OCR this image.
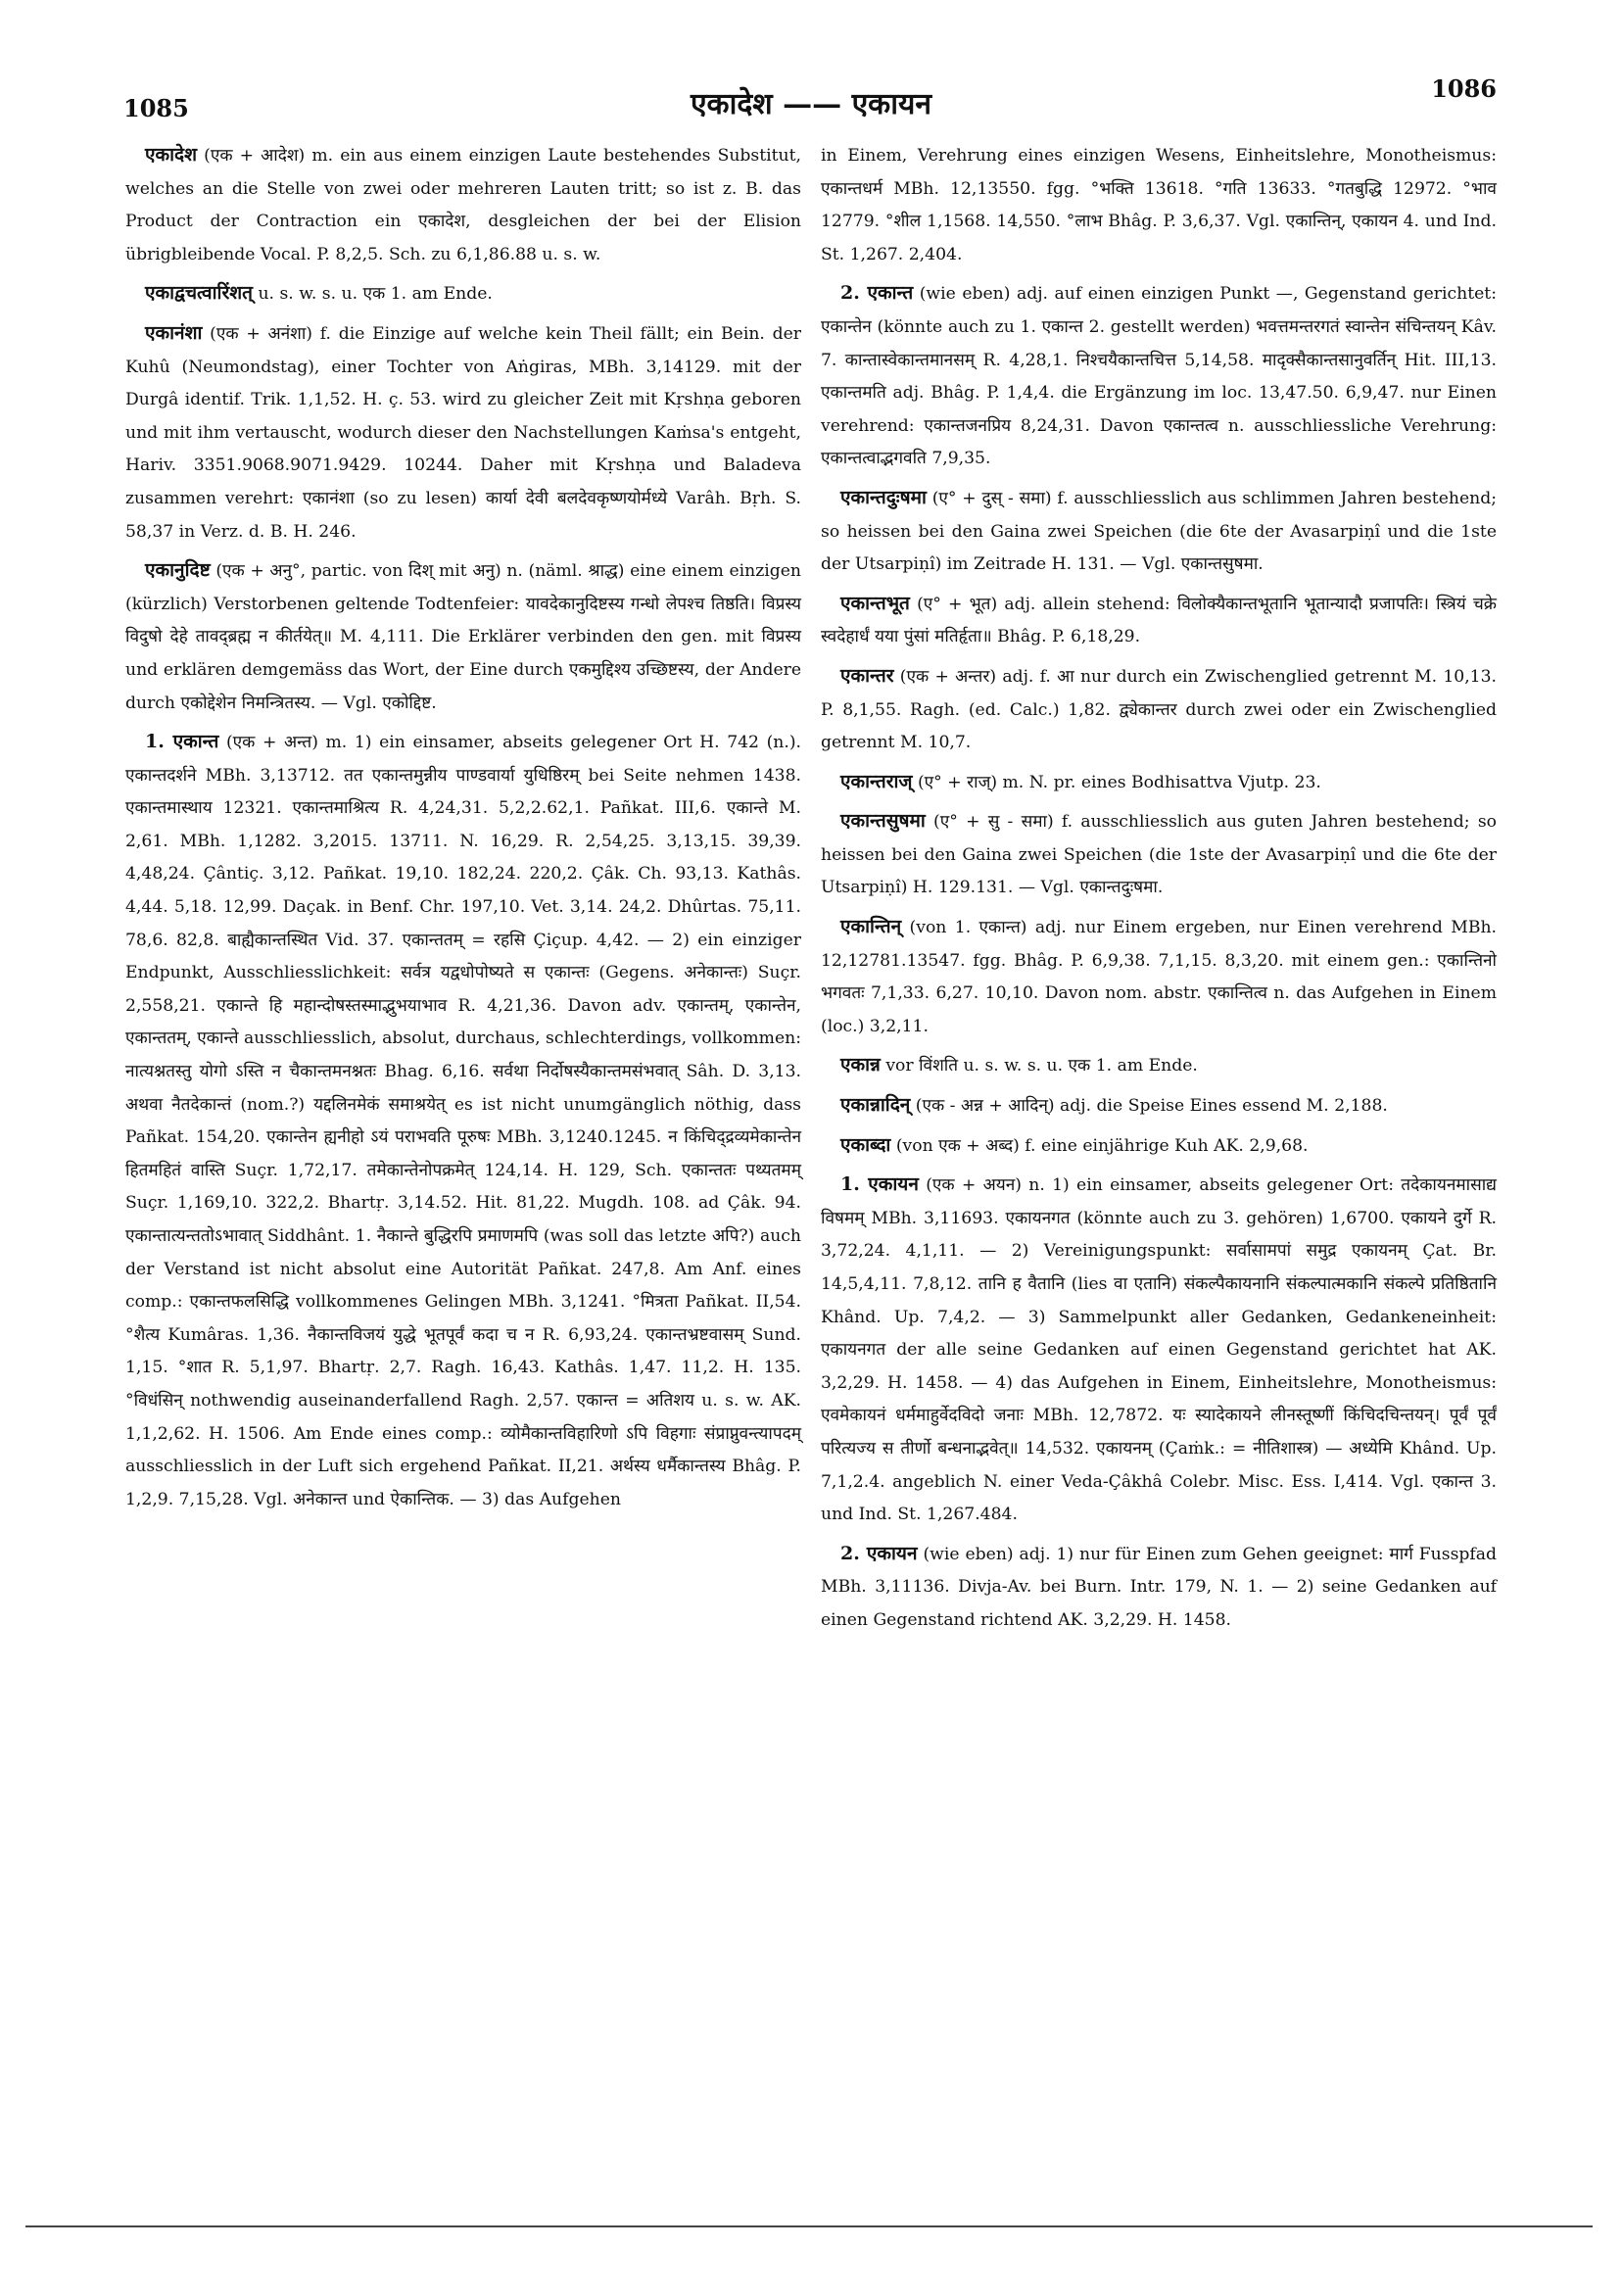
1085	एकादेश —— एकायन	1086

एकादेश (एक + आदेश) m. ein aus einem einzigen Laute bestehendes Substitut, welches an die Stelle von zwei oder mehreren Lauten tritt; so ist z. B. das Product der Contraction ein एकादेश, desgleichen der bei der Elision übrigbleibende Vocal. P. 8,2,5. Sch. zu 6,1,86.88 u. s. w.

एकाद्वचत्वारिंशत् u. s. w. s. u. एक 1. am Ende.

एकानंशा (एक + अनंशा) f. die Einzige auf welche kein Theil fällt; ein Bein. der Kuhû (Neumondstag), einer Tochter von Aṅgiras, MBh. 3,14129. mit der Durgâ identif. Trik. 1,1,52. H. ç. 53. wird zu gleicher Zeit mit Kṛshṇa geboren und mit ihm vertauscht, wodurch dieser den Nachstellungen Kaṁsa's entgeht, Hariv. 3351.9068.9071.9429. 10244. Daher mit Kṛshṇa und Baladeva zusammen verehrt: एकानंशा (so zu lesen) कार्या देवी बलदेवकृष्णयोर्मध्ये Varâh. Bṛh. S. 58,37 in Verz. d. B. H. 246.

एकानुदिष्ट (एक + अनु°, partic. von दिश् mit अनु) n. (näml. श्राद्ध) eine einem einzigen (kürzlich) Verstorbenen geltende Todtenfeier: यावदेकानुदिष्टस्य गन्धो लेपश्च तिष्ठति। विप्रस्य विदुषो देहे तावद्ब्रह्म न कीर्तयेत्॥ M. 4,111. Die Erklärer verbinden den gen. mit विप्रस्य und erklären demgemäss das Wort, der Eine durch एकमुद्दिश्य उच्छिष्टस्य, der Andere durch एकोद्देशेन निमन्त्रितस्य. — Vgl. एकोद्दिष्ट.

1. एकान्त (एक + अन्त) m. 1) ein einsamer, abseits gelegener Ort H. 742 (n.). एकान्तदर्शने MBh. 3,13712. तत एकान्तमुन्नीय पाण्डवार्या युधिष्ठिरम् bei Seite nehmen 1438. एकान्तमास्थाय 12321. एकान्तमाश्रित्य R. 4,24,31. 5,2,2.62,1. Pañkat. III,6. एकान्ते M. 2,61. MBh. 1,1282. 3,2015. 13711. N. 16,29. R. 2,54,25. 3,13,15. 39,39. 4,48,24. Çântiç. 3,12. Pañkat. 19,10. 182,24. 220,2. Çâk. Ch. 93,13. Kathâs. 4,44. 5,18. 12,99. Daçak. in Benf. Chr. 197,10. Vet. 3,14. 24,2. Dhûrtas. 75,11. 78,6. 82,8. बाह्यैकान्तस्थित Vid. 37. एकान्ततम् = रहसि Çiçup. 4,42. — 2) ein einziger Endpunkt, Ausschliesslichkeit: सर्वत्र यद्वधोपोष्यते स एकान्तः (Gegens. अनेकान्तः) Suçr. 2,558,21. एकान्ते हि महान्दोषस्तस्माद्भुभयाभाव R. 4,21,36. Davon adv. एकान्तम्, एकान्तेन, एकान्ततम्, एकान्ते ausschliesslich, absolut, durchaus, schlechterdings, vollkommen: नात्यश्नतस्तु योगो ऽस्ति न चैकान्तमनश्नतः Bhag. 6,16. सर्वथा निर्दोषस्यैकान्तमसंभवात् Sâh. D. 3,13. अथवा नैतदेकान्तं (nom.?) यद्दलिनमेकं समाश्रयेत् es ist nicht unumgänglich nöthig, dass Pañkat. 154,20. एकान्तेन ह्यनीहो ऽयं पराभवति पूरुषः MBh. 3,1240.1245. न किंचिद्द्रव्यमेकान्तेन हितमहितं वास्ति Suçr. 1,72,17. तमेकान्तेनोपक्रमेत् 124,14. H. 129, Sch. एकान्ततः पथ्यतमम् Suçr. 1,169,10. 322,2. Bhartṛ. 3,14.52. Hit. 81,22. Mugdh. 108. ad Çâk. 94. एकान्तात्यन्ततोऽभावात् Siddhânt. 1. नैकान्ते बुद्धिरपि प्रमाणमपि (was soll das letzte अपि?) auch der Verstand ist nicht absolut eine Autorität Pañkat. 247,8. Am Anf. eines comp.: एकान्तफलसिद्धि vollkommenes Gelingen MBh. 3,1241. °मित्रता Pañkat. II,54. °शैत्य Kumâras. 1,36. नैकान्तविजयं युद्धे भूतपूर्वं कदा च न R. 6,93,24. एकान्तभ्रष्टवासम् Sund. 1,15. °शात R. 5,1,97. Bhartṛ. 2,7. Ragh. 16,43. Kathâs. 1,47. 11,2. H. 135. °विधंसिन् nothwendig auseinanderfallend Ragh. 2,57. एकान्त = अतिशय u. s. w. AK. 1,1,2,62. H. 1506. Am Ende eines comp.: व्योमैकान्तविहारिणो ऽपि विहगाः संप्राप्नुवन्त्यापदम् ausschliesslich in der Luft sich ergehend Pañkat. II,21. अर्थस्य धर्मैकान्तस्य Bhâg. P. 1,2,9. 7,15,28. Vgl. अनेकान्त und ऐकान्तिक. — 3) das Aufgehen

in Einem, Verehrung eines einzigen Wesens, Einheitslehre, Monotheismus: एकान्तधर्म MBh. 12,13550. fgg. °भक्ति 13618. °गति 13633. °गतबुद्धि 12972. °भाव 12779. °शील 1,1568. 14,550. °लाभ Bhâg. P. 3,6,37. Vgl. एकान्तिन्, एकायन 4. und Ind. St. 1,267. 2,404.

2. एकान्त (wie eben) adj. auf einen einzigen Punkt —, Gegenstand gerichtet: एकान्तेन (könnte auch zu 1. एकान्त 2. gestellt werden) भवत्तमन्तरगतं स्वान्तेन संचिन्तयन् Kâv. 7. कान्तास्वेकान्तमानसम् R. 4,28,1. निश्चयैकान्तचित्त 5,14,58. मादृक्सैकान्तसानुवर्तिन् Hit. III,13. एकान्तमति adj. Bhâg. P. 1,4,4. die Ergänzung im loc. 13,47.50. 6,9,47. nur Einen verehrend: एकान्तजनप्रिय 8,24,31. Davon एकान्तत्व n. ausschliessliche Verehrung: एकान्तत्वाद्भगवति 7,9,35.

एकान्तदुःषमा (ए° + दुस् - समा) f. ausschliesslich aus schlimmen Jahren bestehend; so heissen bei den Gaina zwei Speichen (die 6te der Avasarpiṇî und die 1ste der Utsarpiṇî) im Zeitrade H. 131. — Vgl. एकान्तसुषमा.

एकान्तभूत (ए° + भूत) adj. allein stehend: विलोक्यैकान्तभूतानि भूतान्यादौ प्रजापतिः। स्त्रियं चक्रे स्वदेहार्धं यया पुंसां मतिर्हृता॥ Bhâg. P. 6,18,29.

एकान्तर (एक + अन्तर) adj. f. आ nur durch ein Zwischenglied getrennt M. 10,13. P. 8,1,55. Ragh. (ed. Calc.) 1,82. द्व्येकान्तर durch zwei oder ein Zwischenglied getrennt M. 10,7.

एकान्तराज् (ए° + राज्) m. N. pr. eines Bodhisattva Vjutp. 23.

एकान्तसुषमा (ए° + सु - समा) f. ausschliesslich aus guten Jahren bestehend; so heissen bei den Gaina zwei Speichen (die 1ste der Avasarpiṇî und die 6te der Utsarpiṇî) H. 129.131. — Vgl. एकान्तदुःषमा.

एकान्तिन् (von 1. एकान्त) adj. nur Einem ergeben, nur Einen verehrend MBh. 12,12781.13547. fgg. Bhâg. P. 6,9,38. 7,1,15. 8,3,20. mit einem gen.: एकान्तिनो भगवतः 7,1,33. 6,27. 10,10. Davon nom. abstr. एकान्तित्व n. das Aufgehen in Einem (loc.) 3,2,11.

एकान्न vor विंशति u. s. w. s. u. एक 1. am Ende.

एकान्नादिन् (एक - अन्न + आदिन्) adj. die Speise Eines essend M. 2,188.

एकाब्दा (von एक + अब्द) f. eine einjährige Kuh AK. 2,9,68.

1. एकायन (एक + अयन) n. 1) ein einsamer, abseits gelegener Ort: तदेकायनमासाद्य विषमम् MBh. 3,11693. एकायनगत (könnte auch zu 3. gehören) 1,6700. एकायने दुर्गे R. 3,72,24. 4,1,11. — 2) Vereinigungspunkt: सर्वासामपां समुद्र एकायनम् Çat. Br. 14,5,4,11. 7,8,12. तानि ह वैतानि (lies वा एतानि) संकल्पैकायनानि संकल्पात्मकानि संकल्पे प्रतिष्ठितानि Khând. Up. 7,4,2. — 3) Sammelpunkt aller Gedanken, Gedankeneinheit: एकायनगत der alle seine Gedanken auf einen Gegenstand gerichtet hat AK. 3,2,29. H. 1458. — 4) das Aufgehen in Einem, Einheitslehre, Monotheismus: एवमेकायनं धर्ममाहुर्वेदविदो जनाः MBh. 12,7872. यः स्यादेकायने लीनस्तूष्णीं किंचिदचिन्तयन्। पूर्वं पूर्वं परित्यज्य स तीर्णो बन्धनाद्भवेत्॥ 14,532. एकायनम् (Çaṁk.: = नीतिशास्त्र) — अध्येमि Khând. Up. 7,1,2.4. angeblich N. einer Veda-Çâkhâ Colebr. Misc. Ess. I,414. Vgl. एकान्त 3. und Ind. St. 1,267.484.

2. एकायन (wie eben) adj. 1) nur für Einen zum Gehen geeignet: मार्ग Fusspfad MBh. 3,11136. Divja-Av. bei Burn. Intr. 179, N. 1. — 2) seine Gedanken auf einen Gegenstand richtend AK. 3,2,29. H. 1458.
